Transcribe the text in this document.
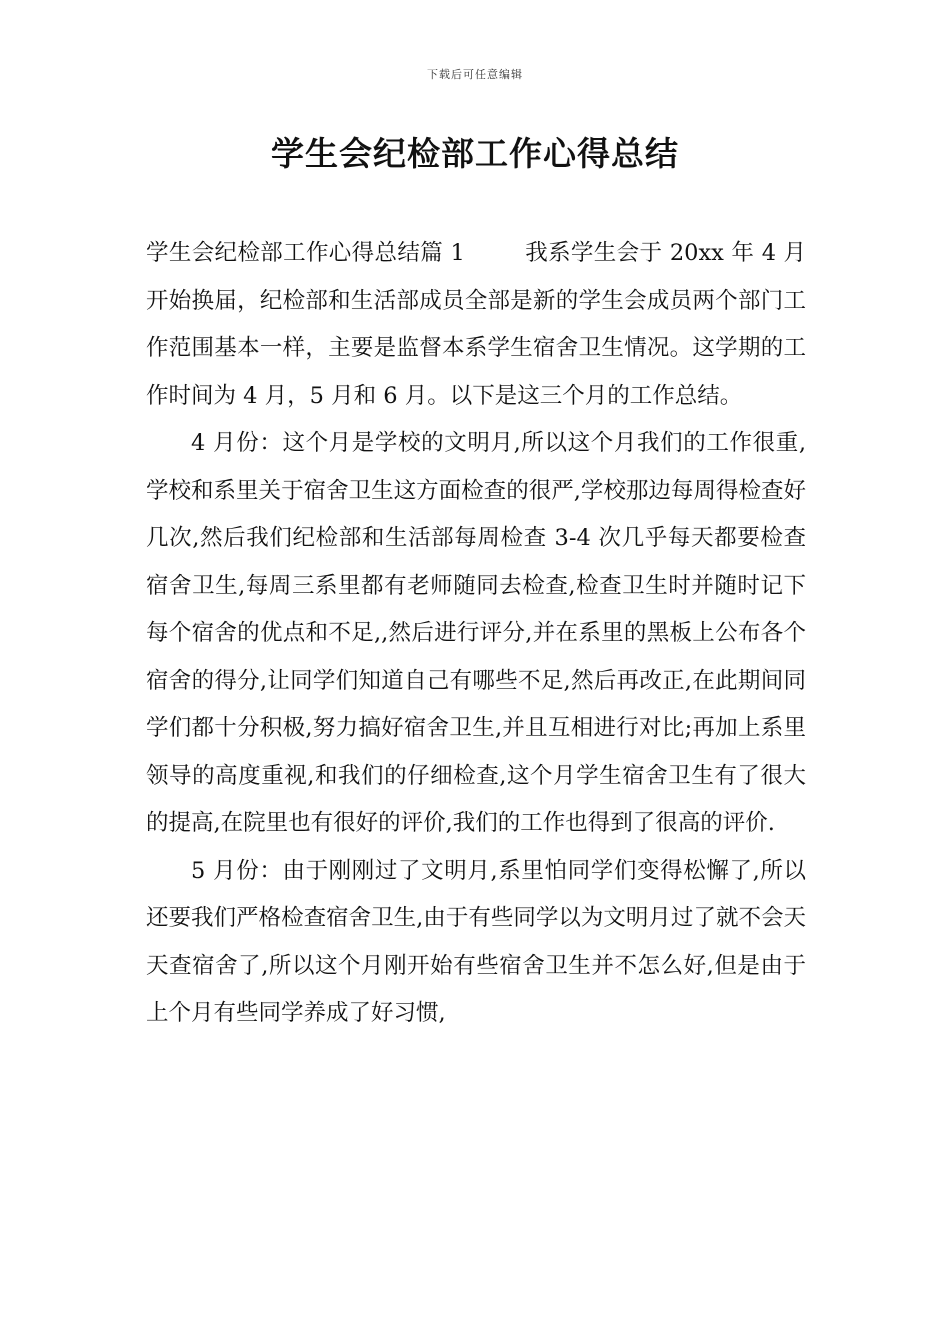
下载后可任意编辑
学生会纪检部工作心得总结

学生会纪检部工作心得总结篇 1	我系学生会于 20xx 年 4 月开始换届，纪检部和生活部成员全部是新的学生会成员两个部门工作范围基本一样，主要是监督本系学生宿舍卫生情况。这学期的工作时间为 4 月，5 月和 6 月。以下是这三个月的工作总结。

4 月份：这个月是学校的文明月,所以这个月我们的工作很重,学校和系里关于宿舍卫生这方面检查的很严,学校那边每周得检查好几次,然后我们纪检部和生活部每周检查 3-4 次几乎每天都要检查宿舍卫生,每周三系里都有老师随同去检查,检查卫生时并随时记下每个宿舍的优点和不足,,然后进行评分,并在系里的黑板上公布各个宿舍的得分,让同学们知道自己有哪些不足,然后再改正,在此期间同学们都十分积极,努力搞好宿舍卫生,并且互相进行对比;再加上系里领导的高度重视,和我们的仔细检查,这个月学生宿舍卫生有了很大的提高,在院里也有很好的评价,我们的工作也得到了很高的评价.

5 月份：由于刚刚过了文明月,系里怕同学们变得松懈了,所以还要我们严格检查宿舍卫生,由于有些同学以为文明月过了就不会天天查宿舍了,所以这个月刚开始有些宿舍卫生并不怎么好,但是由于上个月有些同学养成了好习惯,
